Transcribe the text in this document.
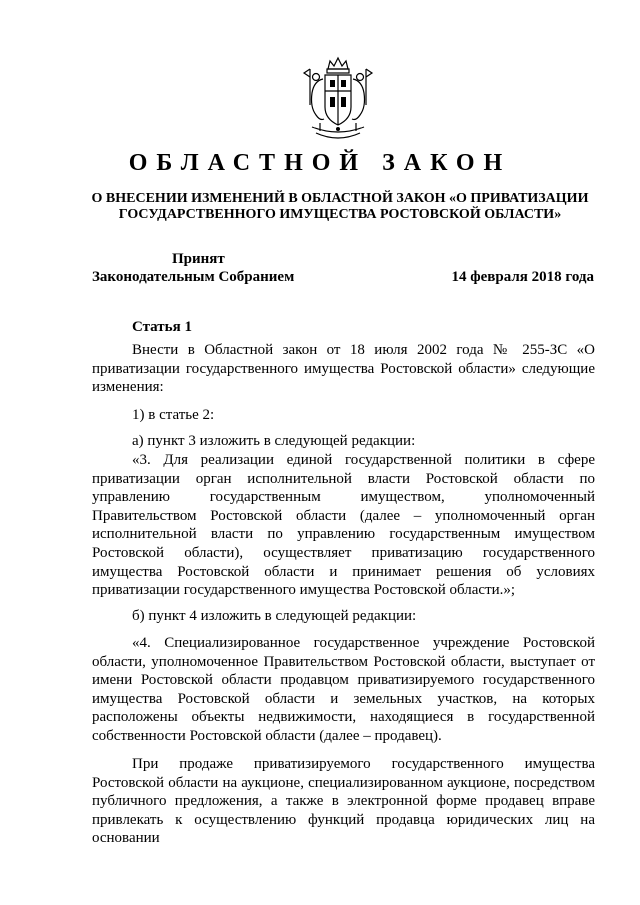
ОБЛАСТНОЙ ЗАКОН
О ВНЕСЕНИИ ИЗМЕНЕНИЙ В ОБЛАСТНОЙ ЗАКОН «О ПРИВАТИЗАЦИИ
ГОСУДАРСТВЕННОГО ИМУЩЕСТВА РОСТОВСКОЙ ОБЛАСТИ»
Принят
Законодательным Собранием	14 февраля 2018 года
Статья 1

Внести в Областной закон от 18 июля 2002 года № 255-ЗС «О приватизации государственного имущества Ростовской области» следующие изменения:

1) в статье 2:

а) пункт 3 изложить в следующей редакции:

«3. Для реализации единой государственной политики в сфере приватизации орган исполнительной власти Ростовской области по управлению государственным имуществом, уполномоченный Правительством Ростовской области (далее – уполномоченный орган исполнительной власти по управлению государственным имуществом Ростовской области), осуществляет приватизацию государственного имущества Ростовской области и принимает решения об условиях приватизации государственного имущества Ростовской области.»;

б) пункт 4 изложить в следующей редакции:

«4. Специализированное государственное учреждение Ростовской области, уполномоченное Правительством Ростовской области, выступает от имени Ростовской области продавцом приватизируемого государственного имущества Ростовской области и земельных участков, на которых расположены объекты недвижимости, находящиеся в государственной собственности Ростовской области (далее – продавец).

При продаже приватизируемого государственного имущества Ростовской области на аукционе, специализированном аукционе, посредством публичного предложения, а также в электронной форме продавец вправе привлекать к осуществлению функций продавца юридических лиц на основании
